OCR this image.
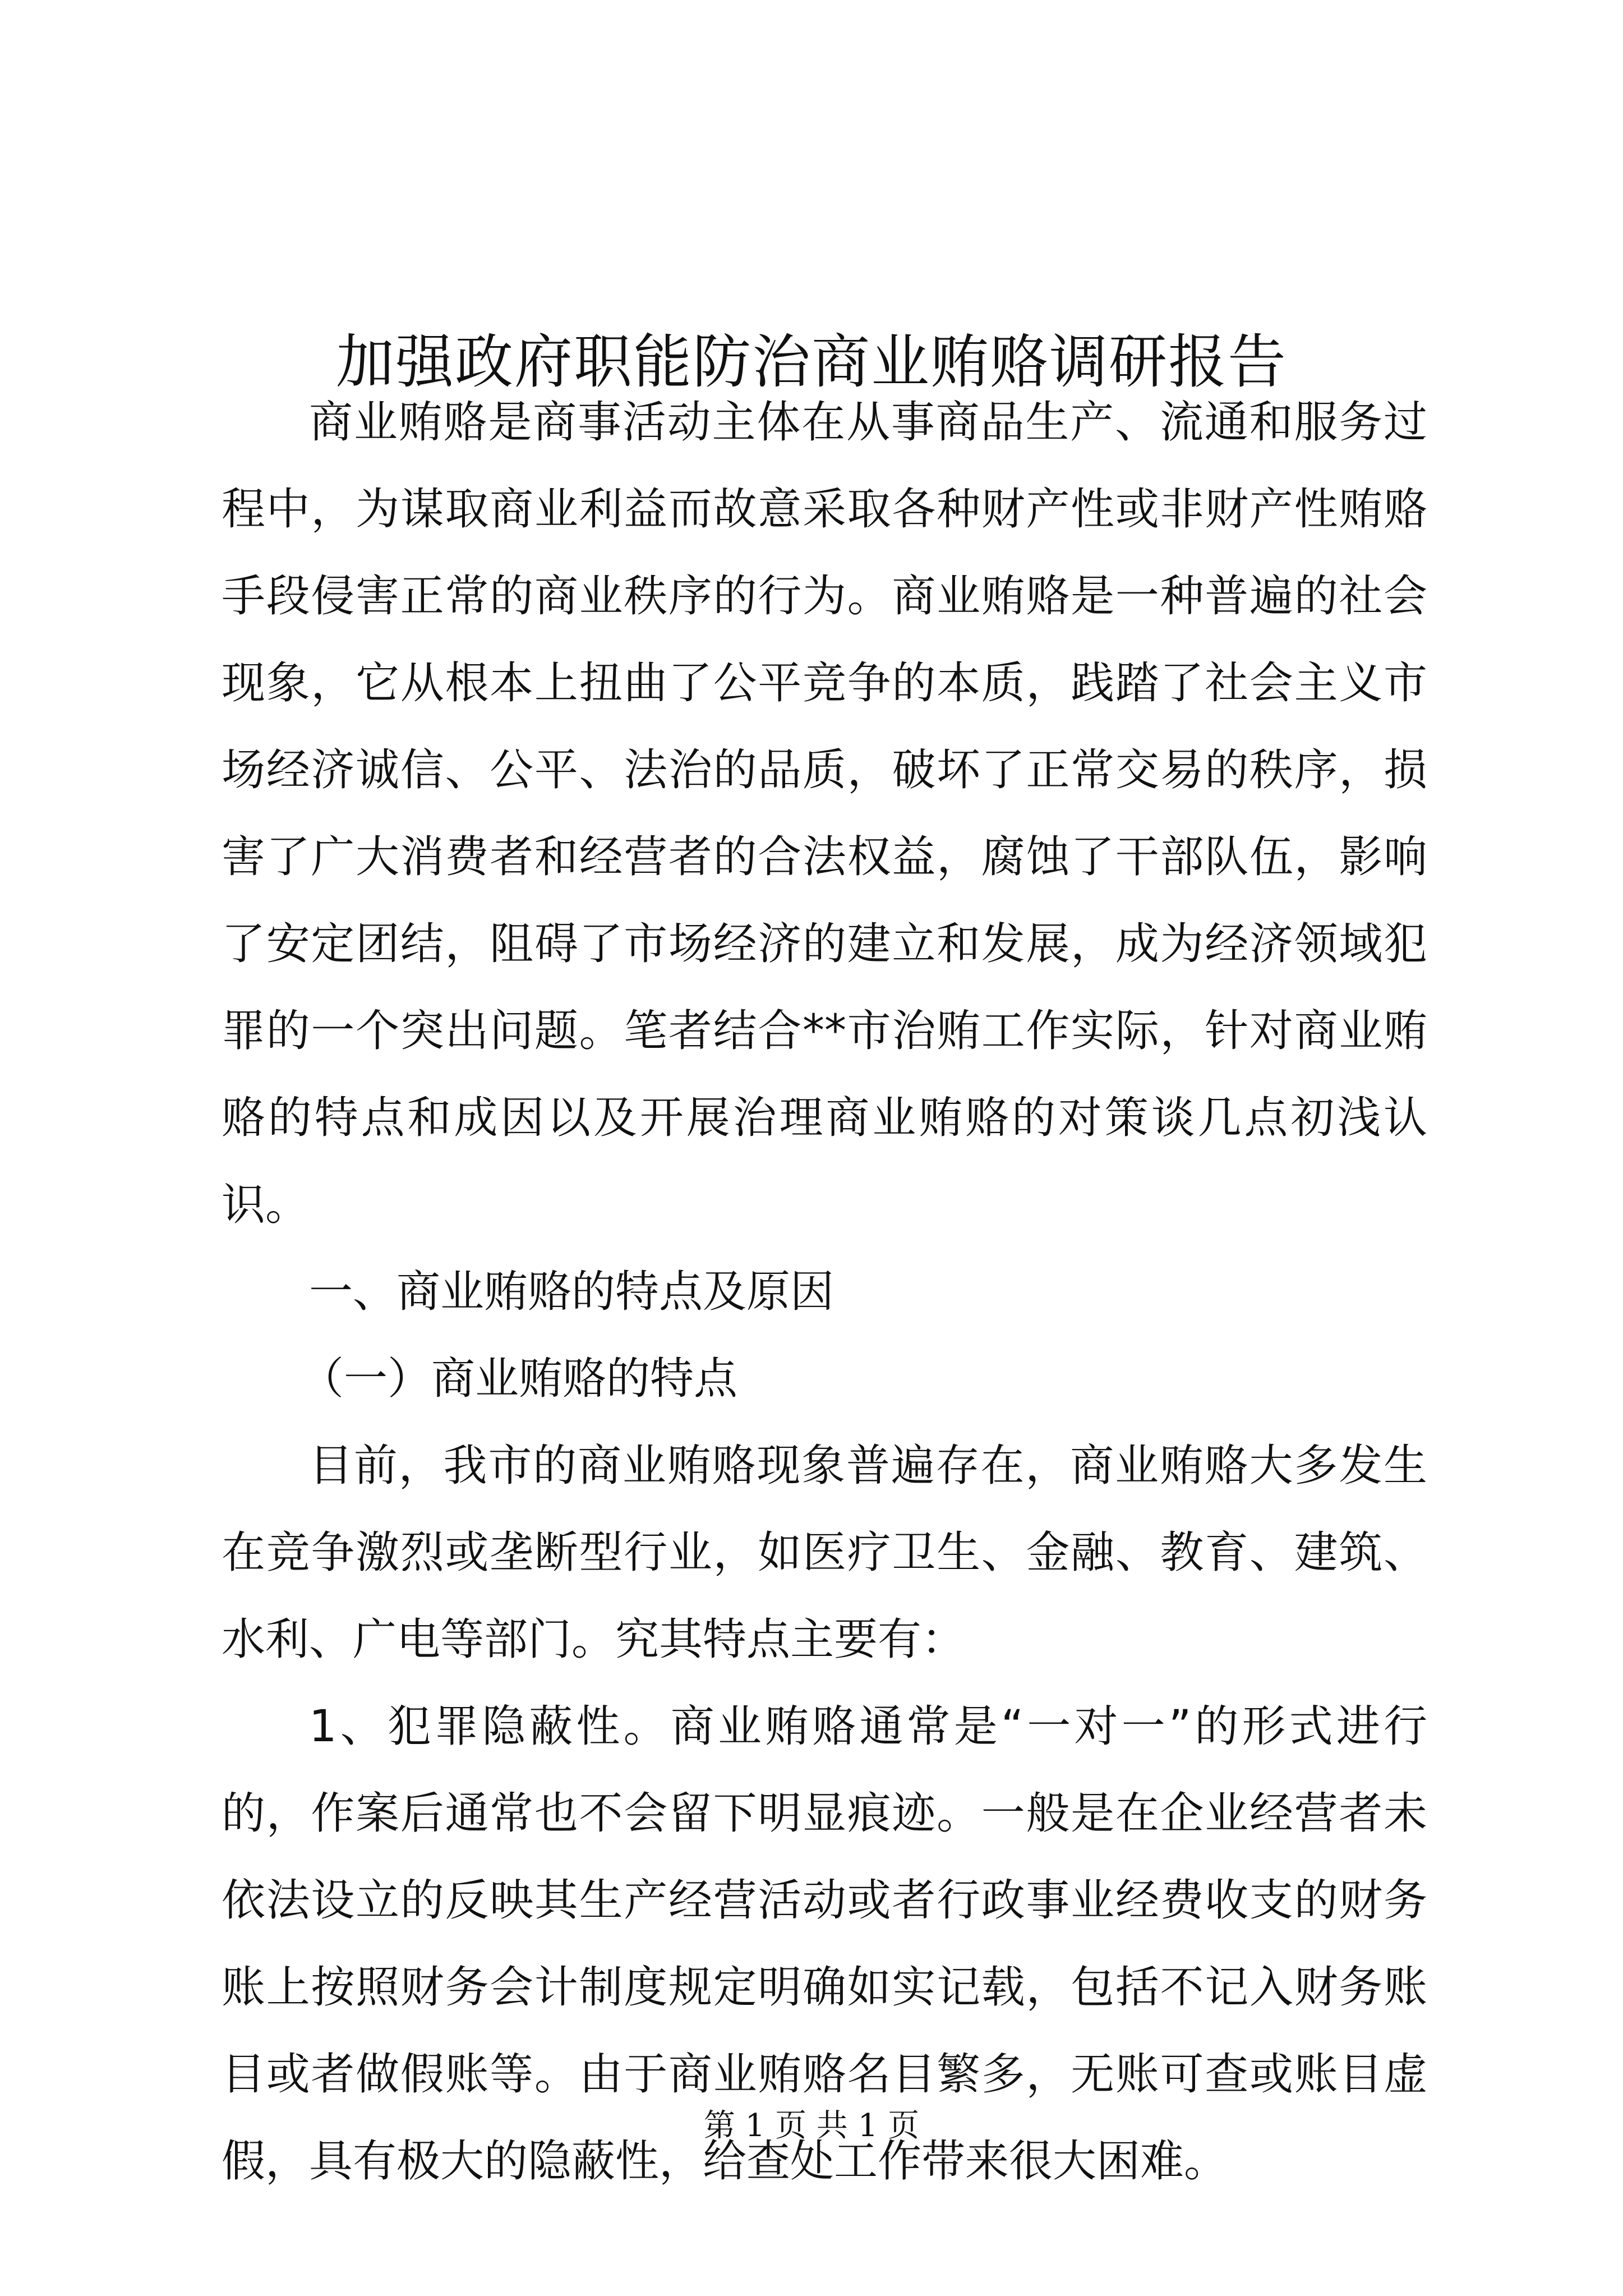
加强政府职能防治商业贿赂调研报告

商业贿赂是商事活动主体在从事商品生产、流通和服务过程中，为谋取商业利益而故意采取各种财产性或非财产性贿赂手段侵害正常的商业秩序的行为。商业贿赂是一种普遍的社会现象，它从根本上扭曲了公平竞争的本质，践踏了社会主义市场经济诚信、公平、法治的品质，破坏了正常交易的秩序，损害了广大消费者和经营者的合法权益，腐蚀了干部队伍，影响了安定团结，阻碍了市场经济的建立和发展，成为经济领域犯罪的一个突出问题。笔者结合**市治贿工作实际，针对商业贿赂的特点和成因以及开展治理商业贿赂的对策谈几点初浅认识。

一、商业贿赂的特点及原因

（一）商业贿赂的特点

目前，我市的商业贿赂现象普遍存在，商业贿赂大多发生在竞争激烈或垄断型行业，如医疗卫生、金融、教育、建筑、水利、广电等部门。究其特点主要有：

1、犯罪隐蔽性。商业贿赂通常是“一对一”的形式进行的，作案后通常也不会留下明显痕迹。一般是在企业经营者未依法设立的反映其生产经营活动或者行政事业经费收支的财务账上按照财务会计制度规定明确如实记载，包括不记入财务账目或者做假账等。由于商业贿赂名目繁多，无账可查或账目虚假，具有极大的隐蔽性，给查处工作带来很大困难。

第 1 页 共 1 页
